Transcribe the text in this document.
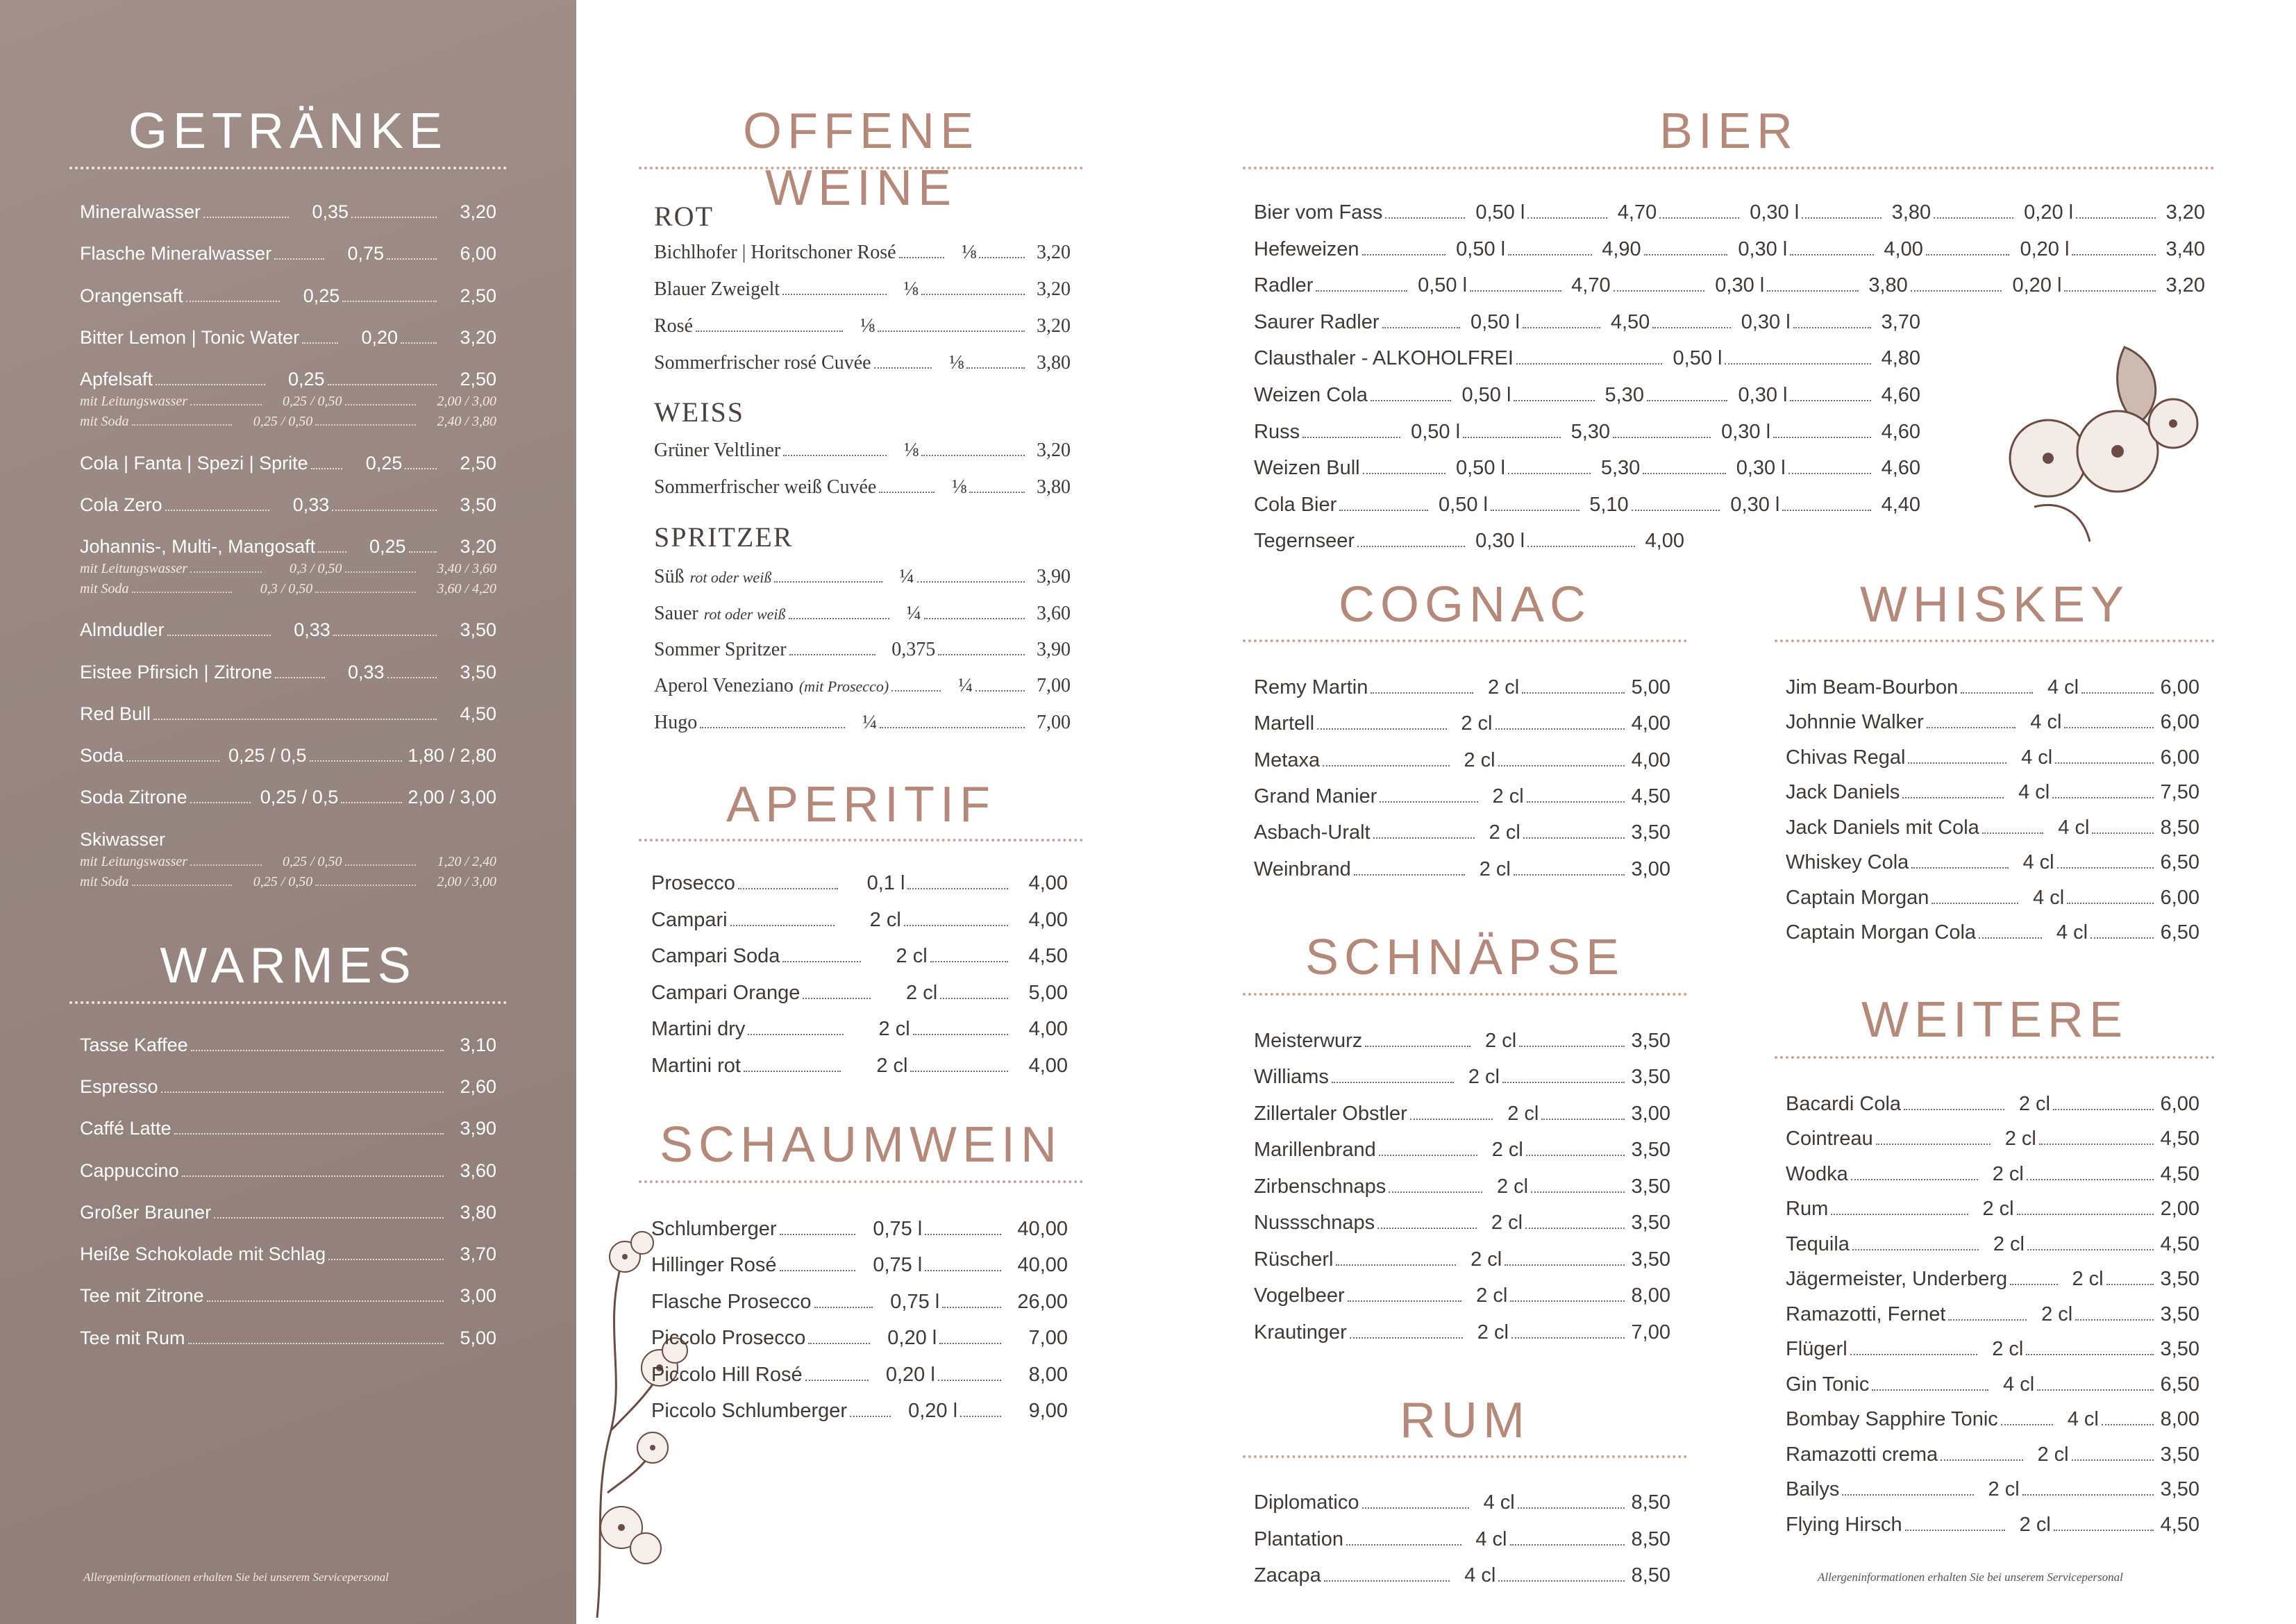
GETRÄNKE
Mineralwasser	0,35	3,20
Flasche Mineralwasser	0,75	6,00
Orangensaft	0,25	2,50
Bitter Lemon | Tonic Water	0,20	3,20
Apfelsaft	0,25	2,50
mit Leitungswasser	0,25 / 0,50	2,00 / 3,00
mit Soda	0,25 / 0,50	2,40 / 3,80
Cola | Fanta | Spezi | Sprite	0,25	2,50
Cola Zero	0,33	3,50
Johannis-, Multi-, Mangosaft	0,25	3,20
mit Leitungswasser	0,3 / 0,50	3,40 / 3,60
mit Soda	0,3 / 0,50	3,60 / 4,20
Almdudler	0,33	3,50
Eistee Pfirsich | Zitrone	0,33	3,50
Red Bull	4,50
Soda	0,25 / 0,5	1,80 / 2,80
Soda Zitrone	0,25 / 0,5	2,00 / 3,00
Skiwasser
mit Leitungswasser	0,25 / 0,50	1,20 / 2,40
mit Soda	0,25 / 0,50	2,00 / 3,00
WARMES
Tasse Kaffee	3,10
Espresso	2,60
Caffé Latte	3,90
Cappuccino	3,60
Großer Brauner	3,80
Heiße Schokolade mit Schlag	3,70
Tee mit Zitrone	3,00
Tee mit Rum	5,00
Allergeninformationen erhalten Sie bei unserem Servicepersonal
OFFENE WEINE
ROT
Bichlhofer | Horitschoner Rosé	⅛	3,20
Blauer Zweigelt	⅛	3,20
Rosé	⅛	3,20
Sommerfrischer rosé Cuvée	⅛	3,80
WEISS
Grüner Veltliner	⅛	3,20
Sommerfrischer weiß Cuvée	⅛	3,80
SPRITZER
Süß rot oder weiß	¼	3,90
Sauer rot oder weiß	¼	3,60
Sommer Spritzer	0,375	3,90
Aperol Veneziano (mit Prosecco)	¼	7,00
Hugo	¼	7,00
APERITIF
Prosecco	0,1 l	4,00
Campari	2 cl	4,00
Campari Soda	2 cl	4,50
Campari Orange	2 cl	5,00
Martini dry	2 cl	4,00
Martini rot	2 cl	4,00
SCHAUMWEIN
Schlumberger	0,75 l	40,00
Hillinger Rosé	0,75 l	40,00
Flasche Prosecco	0,75 l	26,00
Piccolo Prosecco	0,20 l	7,00
Piccolo Hill Rosé	0,20 l	8,00
Piccolo Schlumberger	0,20 l	9,00
BIER
Bier vom Fass	0,50 l	4,70	0,30 l	3,80	0,20 l	3,20
Hefeweizen	0,50 l	4,90	0,30 l	4,00	0,20 l	3,40
Radler	0,50 l	4,70	0,30 l	3,80	0,20 l	3,20
Saurer Radler	0,50 l	4,50	0,30 l	3,70
Clausthaler - ALKOHOLFREI	0,50 l	4,80
Weizen Cola	0,50 l	5,30	0,30 l	4,60
Russ	0,50 l	5,30	0,30 l	4,60
Weizen Bull	0,50 l	5,30	0,30 l	4,60
Cola Bier	0,50 l	5,10	0,30 l	4,40
Tegernseer	0,30 l	4,00
COGNAC
Remy Martin	2 cl	5,00
Martell	2 cl	4,00
Metaxa	2 cl	4,00
Grand Manier	2 cl	4,50
Asbach-Uralt	2 cl	3,50
Weinbrand	2 cl	3,00
SCHNÄPSE
Meisterwurz	2 cl	3,50
Williams	2 cl	3,50
Zillertaler Obstler	2 cl	3,00
Marillenbrand	2 cl	3,50
Zirbenschnaps	2 cl	3,50
Nussschnaps	2 cl	3,50
Rüscherl	2 cl	3,50
Vogelbeer	2 cl	8,00
Krautinger	2 cl	7,00
RUM
Diplomatico	4 cl	8,50
Plantation	4 cl	8,50
Zacapa	4 cl	8,50
WHISKEY
Jim Beam-Bourbon	4 cl	6,00
Johnnie Walker	4 cl	6,00
Chivas Regal	4 cl	6,00
Jack Daniels	4 cl	7,50
Jack Daniels mit Cola	4 cl	8,50
Whiskey Cola	4 cl	6,50
Captain Morgan	4 cl	6,00
Captain Morgan Cola	4 cl	6,50
WEITERE
Bacardi Cola	2 cl	6,00
Cointreau	2 cl	4,50
Wodka	2 cl	4,50
Rum	2 cl	2,00
Tequila	2 cl	4,50
Jägermeister, Underberg	2 cl	3,50
Ramazotti, Fernet	2 cl	3,50
Flügerl	2 cl	3,50
Gin Tonic	4 cl	6,50
Bombay Sapphire Tonic	4 cl	8,00
Ramazotti crema	2 cl	3,50
Bailys	2 cl	3,50
Flying Hirsch	2 cl	4,50
Allergeninformationen erhalten Sie bei unserem Servicepersonal
